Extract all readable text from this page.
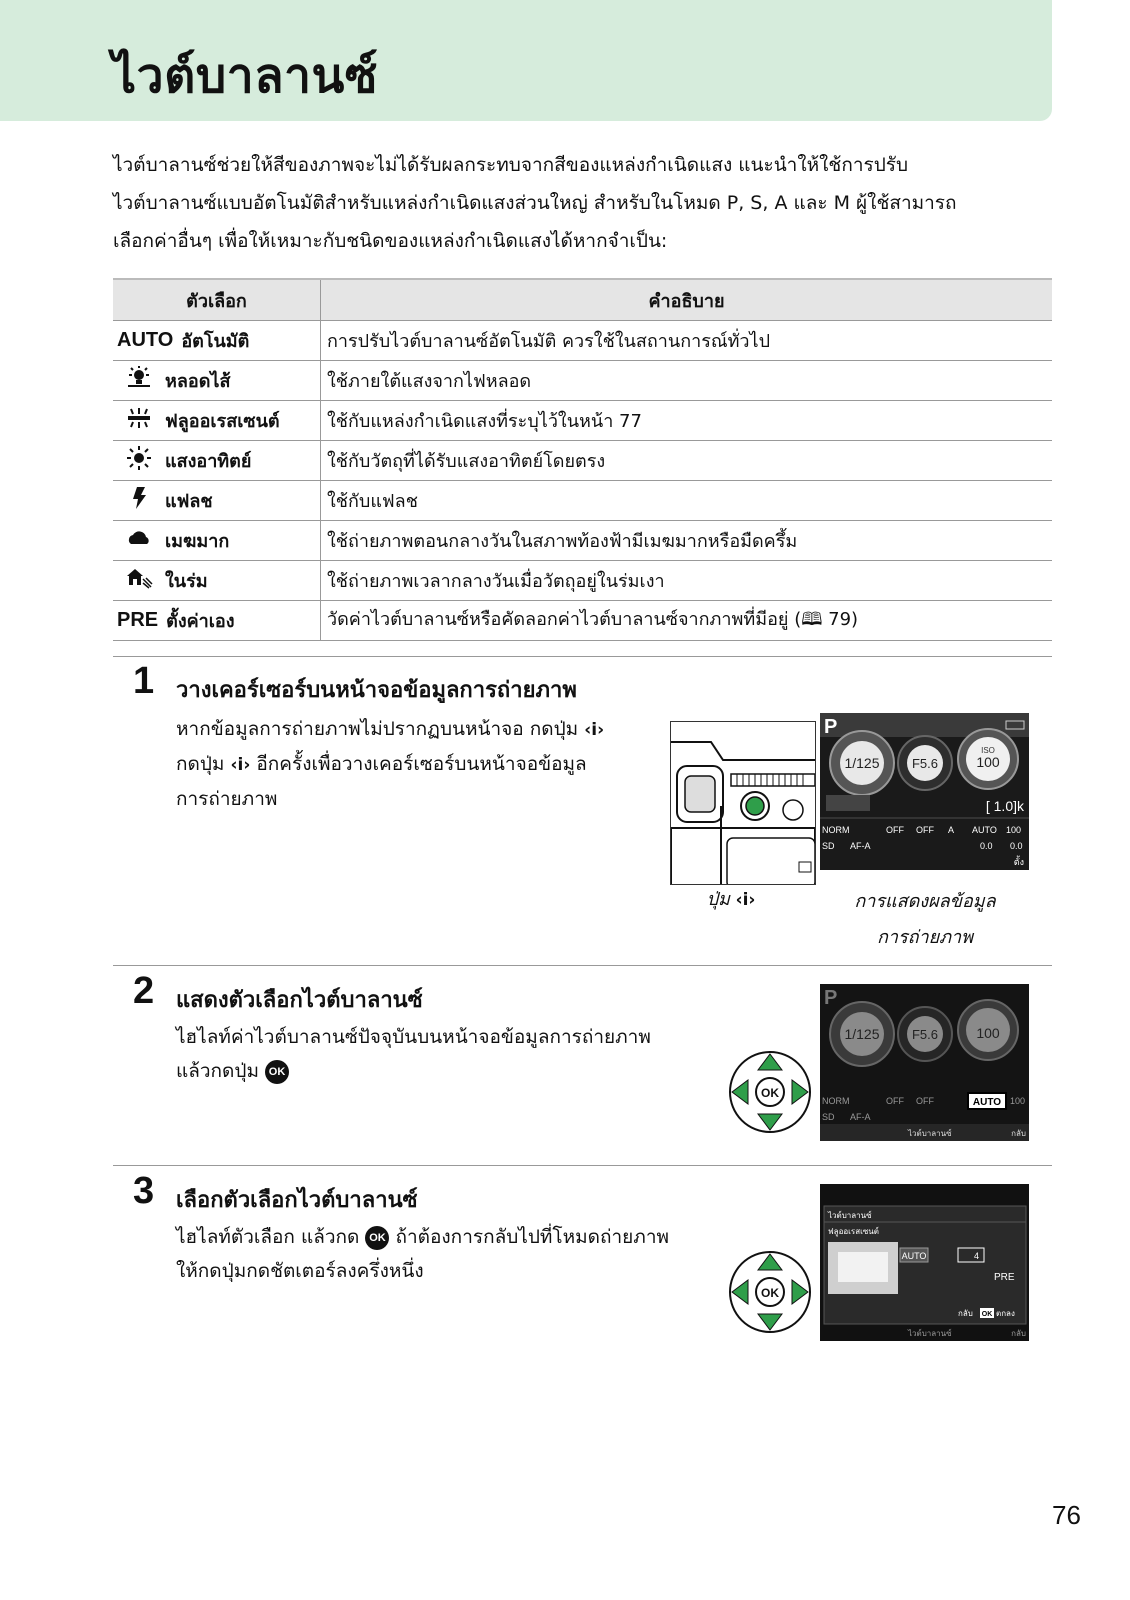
ไวต์บาลานซ์

ไวต์บาลานซ์ช่วยให้สีของภาพจะไม่ได้รับผลกระทบจากสีของแหล่งกำเนิดแสง แนะนำให้ใช้การปรับ

ไวต์บาลานซ์แบบอัตโนมัติสำหรับแหล่งกำเนิดแสงส่วนใหญ่ สำหรับในโหมด P, S, A และ M ผู้ใช้สามารถ

เลือกค่าอื่นๆ เพื่อให้เหมาะกับชนิดของแหล่งกำเนิดแสงได้หากจำเป็น:

ตัวเลือก	คำอธิบาย

AUTO อัตโนมัติ	การปรับไวต์บาลานซ์อัตโนมัติ ควรใช้ในสถานการณ์ทั่วไป

หลอดไส้	ใช้ภายใต้แสงจากไฟหลอด

ฟลูออเรสเซนต์	ใช้กับแหล่งกำเนิดแสงที่ระบุไว้ในหน้า 77

แสงอาทิตย์	ใช้กับวัตถุที่ได้รับแสงอาทิตย์โดยตรง

แฟลช	ใช้กับแฟลช

เมฆมาก	ใช้ถ่ายภาพตอนกลางวันในสภาพท้องฟ้ามีเมฆมากหรือมืดครึ้ม

ในร่ม	ใช้ถ่ายภาพเวลากลางวันเมื่อวัตถุอยู่ในร่มเงา

PRE ตั้งค่าเอง	วัดค่าไวต์บาลานซ์หรือคัดลอกค่าไวต์บาลานซ์จากภาพที่มีอยู่ (🕮 79)
1 วางเคอร์เซอร์บนหน้าจอข้อมูลการถ่ายภาพ

หากข้อมูลการถ่ายภาพไม่ปรากฏบนหน้าจอ กดปุ่ม ‹i›

กดปุ่ม ‹i› อีกครั้งเพื่อวางเคอร์เซอร์บนหน้าจอข้อมูล

การถ่ายภาพ

ปุ่ม ‹i›
P
1/125 F5.6
ISO
100
[ 1.0]k
NORM	OFF OFF A AUTO 100
SD AF-A	0.0 0.0
ตั้ง
การแสดงผลข้อมูล
การถ่ายภาพ
2 แสดงตัวเลือกไวต์บาลานซ์

ไฮไลท์ค่าไวต์บาลานซ์ปัจจุบันบนหน้าจอข้อมูลการถ่ายภาพ

แล้วกดปุ่ม OK

OK
P
1/125 F5.6	100
NORM	OFF OFF	100
SD AF-A
AUTO
ไวต์บาลานซ์	กลับ
3 เลือกตัวเลือกไวต์บาลานซ์

ไฮไลท์ตัวเลือก แล้วกด OK ถ้าต้องการกลับไปที่โหมดถ่ายภาพ

ให้กดปุ่มกดชัตเตอร์ลงครึ่งหนึ่ง

OK
ไวต์บาลานซ์
ฟลูออเรสเซนต์
AUTO	4
PRE
กลับ OK ตกลง
ไวต์บาลานซ์	กลับ
76
